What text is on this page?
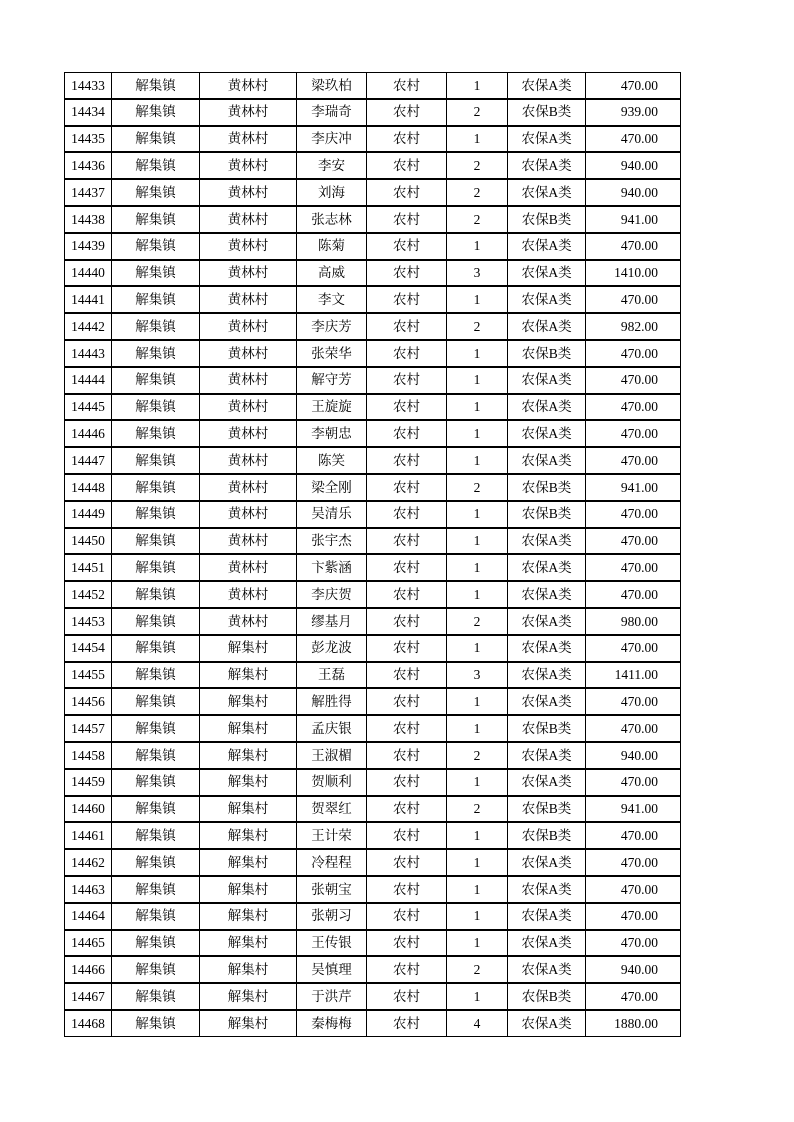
14433	解集镇	黄林村	梁玖柏	农村	1	农保A类	470.00
14434	解集镇	黄林村	李瑞奇	农村	2	农保B类	939.00
14435	解集镇	黄林村	李庆冲	农村	1	农保A类	470.00
14436	解集镇	黄林村	李安	农村	2	农保A类	940.00
14437	解集镇	黄林村	刘海	农村	2	农保A类	940.00
14438	解集镇	黄林村	张志林	农村	2	农保B类	941.00
14439	解集镇	黄林村	陈菊	农村	1	农保A类	470.00
14440	解集镇	黄林村	高威	农村	3	农保A类	1410.00
14441	解集镇	黄林村	李文	农村	1	农保A类	470.00
14442	解集镇	黄林村	李庆芳	农村	2	农保A类	982.00
14443	解集镇	黄林村	张荣华	农村	1	农保B类	470.00
14444	解集镇	黄林村	解守芳	农村	1	农保A类	470.00
14445	解集镇	黄林村	王旋旋	农村	1	农保A类	470.00
14446	解集镇	黄林村	李朝忠	农村	1	农保A类	470.00
14447	解集镇	黄林村	陈笑	农村	1	农保A类	470.00
14448	解集镇	黄林村	梁全刚	农村	2	农保B类	941.00
14449	解集镇	黄林村	吴清乐	农村	1	农保B类	470.00
14450	解集镇	黄林村	张宇杰	农村	1	农保A类	470.00
14451	解集镇	黄林村	卞紫涵	农村	1	农保A类	470.00
14452	解集镇	黄林村	李庆贺	农村	1	农保A类	470.00
14453	解集镇	黄林村	缪基月	农村	2	农保A类	980.00
14454	解集镇	解集村	彭龙波	农村	1	农保A类	470.00
14455	解集镇	解集村	王磊	农村	3	农保A类	1411.00
14456	解集镇	解集村	解胜得	农村	1	农保A类	470.00
14457	解集镇	解集村	孟庆银	农村	1	农保B类	470.00
14458	解集镇	解集村	王淑楣	农村	2	农保A类	940.00
14459	解集镇	解集村	贺顺利	农村	1	农保A类	470.00
14460	解集镇	解集村	贺翠红	农村	2	农保B类	941.00
14461	解集镇	解集村	王计荣	农村	1	农保B类	470.00
14462	解集镇	解集村	冷程程	农村	1	农保A类	470.00
14463	解集镇	解集村	张朝宝	农村	1	农保A类	470.00
14464	解集镇	解集村	张朝习	农村	1	农保A类	470.00
14465	解集镇	解集村	王传银	农村	1	农保A类	470.00
14466	解集镇	解集村	吴慎理	农村	2	农保A类	940.00
14467	解集镇	解集村	于洪芹	农村	1	农保B类	470.00
14468	解集镇	解集村	秦梅梅	农村	4	农保A类	1880.00
